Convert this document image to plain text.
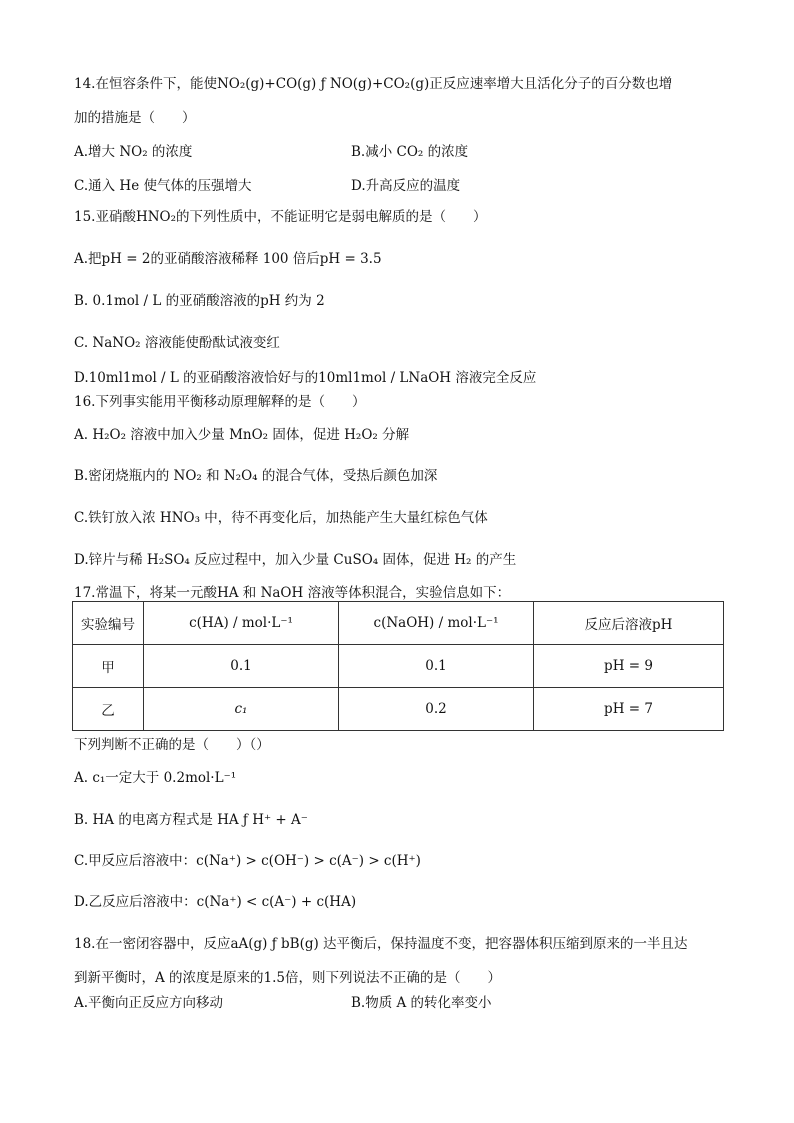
14.在恒容条件下，能使NO₂(g)+CO(g) ƒ NO(g)+CO₂(g)正反应速率增大且活化分子的百分数也增
加的措施是（　　）
A.增大 NO₂ 的浓度	B.减小 CO₂ 的浓度
C.通入 He 使气体的压强增大	D.升高反应的温度
15.亚硝酸HNO₂的下列性质中，不能证明它是弱电解质的是（　　）
A.把pH = 2的亚硝酸溶液稀释 100 倍后pH = 3.5
B. 0.1mol / L 的亚硝酸溶液的pH 约为 2
C. NaNO₂ 溶液能使酚酞试液变红
D.10ml1mol / L 的亚硝酸溶液恰好与的10ml1mol / LNaOH 溶液完全反应
16.下列事实能用平衡移动原理解释的是（　　）
A. H₂O₂ 溶液中加入少量 MnO₂ 固体，促进 H₂O₂ 分解
B.密闭烧瓶内的 NO₂ 和 N₂O₄ 的混合气体，受热后颜色加深
C.铁钉放入浓 HNO₃ 中，待不再变化后，加热能产生大量红棕色气体
D.锌片与稀 H₂SO₄ 反应过程中，加入少量 CuSO₄ 固体，促进 H₂ 的产生
17.常温下，将某一元酸HA 和 NaOH 溶液等体积混合，实验信息如下：
实验编号	c(HA) / mol·L⁻¹	c(NaOH) / mol·L⁻¹	反应后溶液pH
甲	0.1	0.1	pH = 9
乙	c₁	0.2	pH = 7
下列判断不正确的是（　　）（）
A. c₁一定大于 0.2mol·L⁻¹
B. HA 的电离方程式是 HA ƒ H⁺ + A⁻
C.甲反应后溶液中：c(Na⁺) > c(OH⁻) > c(A⁻) > c(H⁺)
D.乙反应后溶液中：c(Na⁺) < c(A⁻) + c(HA)
18.在一密闭容器中，反应aA(g) ƒ bB(g) 达平衡后，保持温度不变，把容器体积压缩到原来的一半且达
到新平衡时，A 的浓度是原来的1.5倍，则下列说法不正确的是（　　）
A.平衡向正反应方向移动	B.物质 A 的转化率变小
